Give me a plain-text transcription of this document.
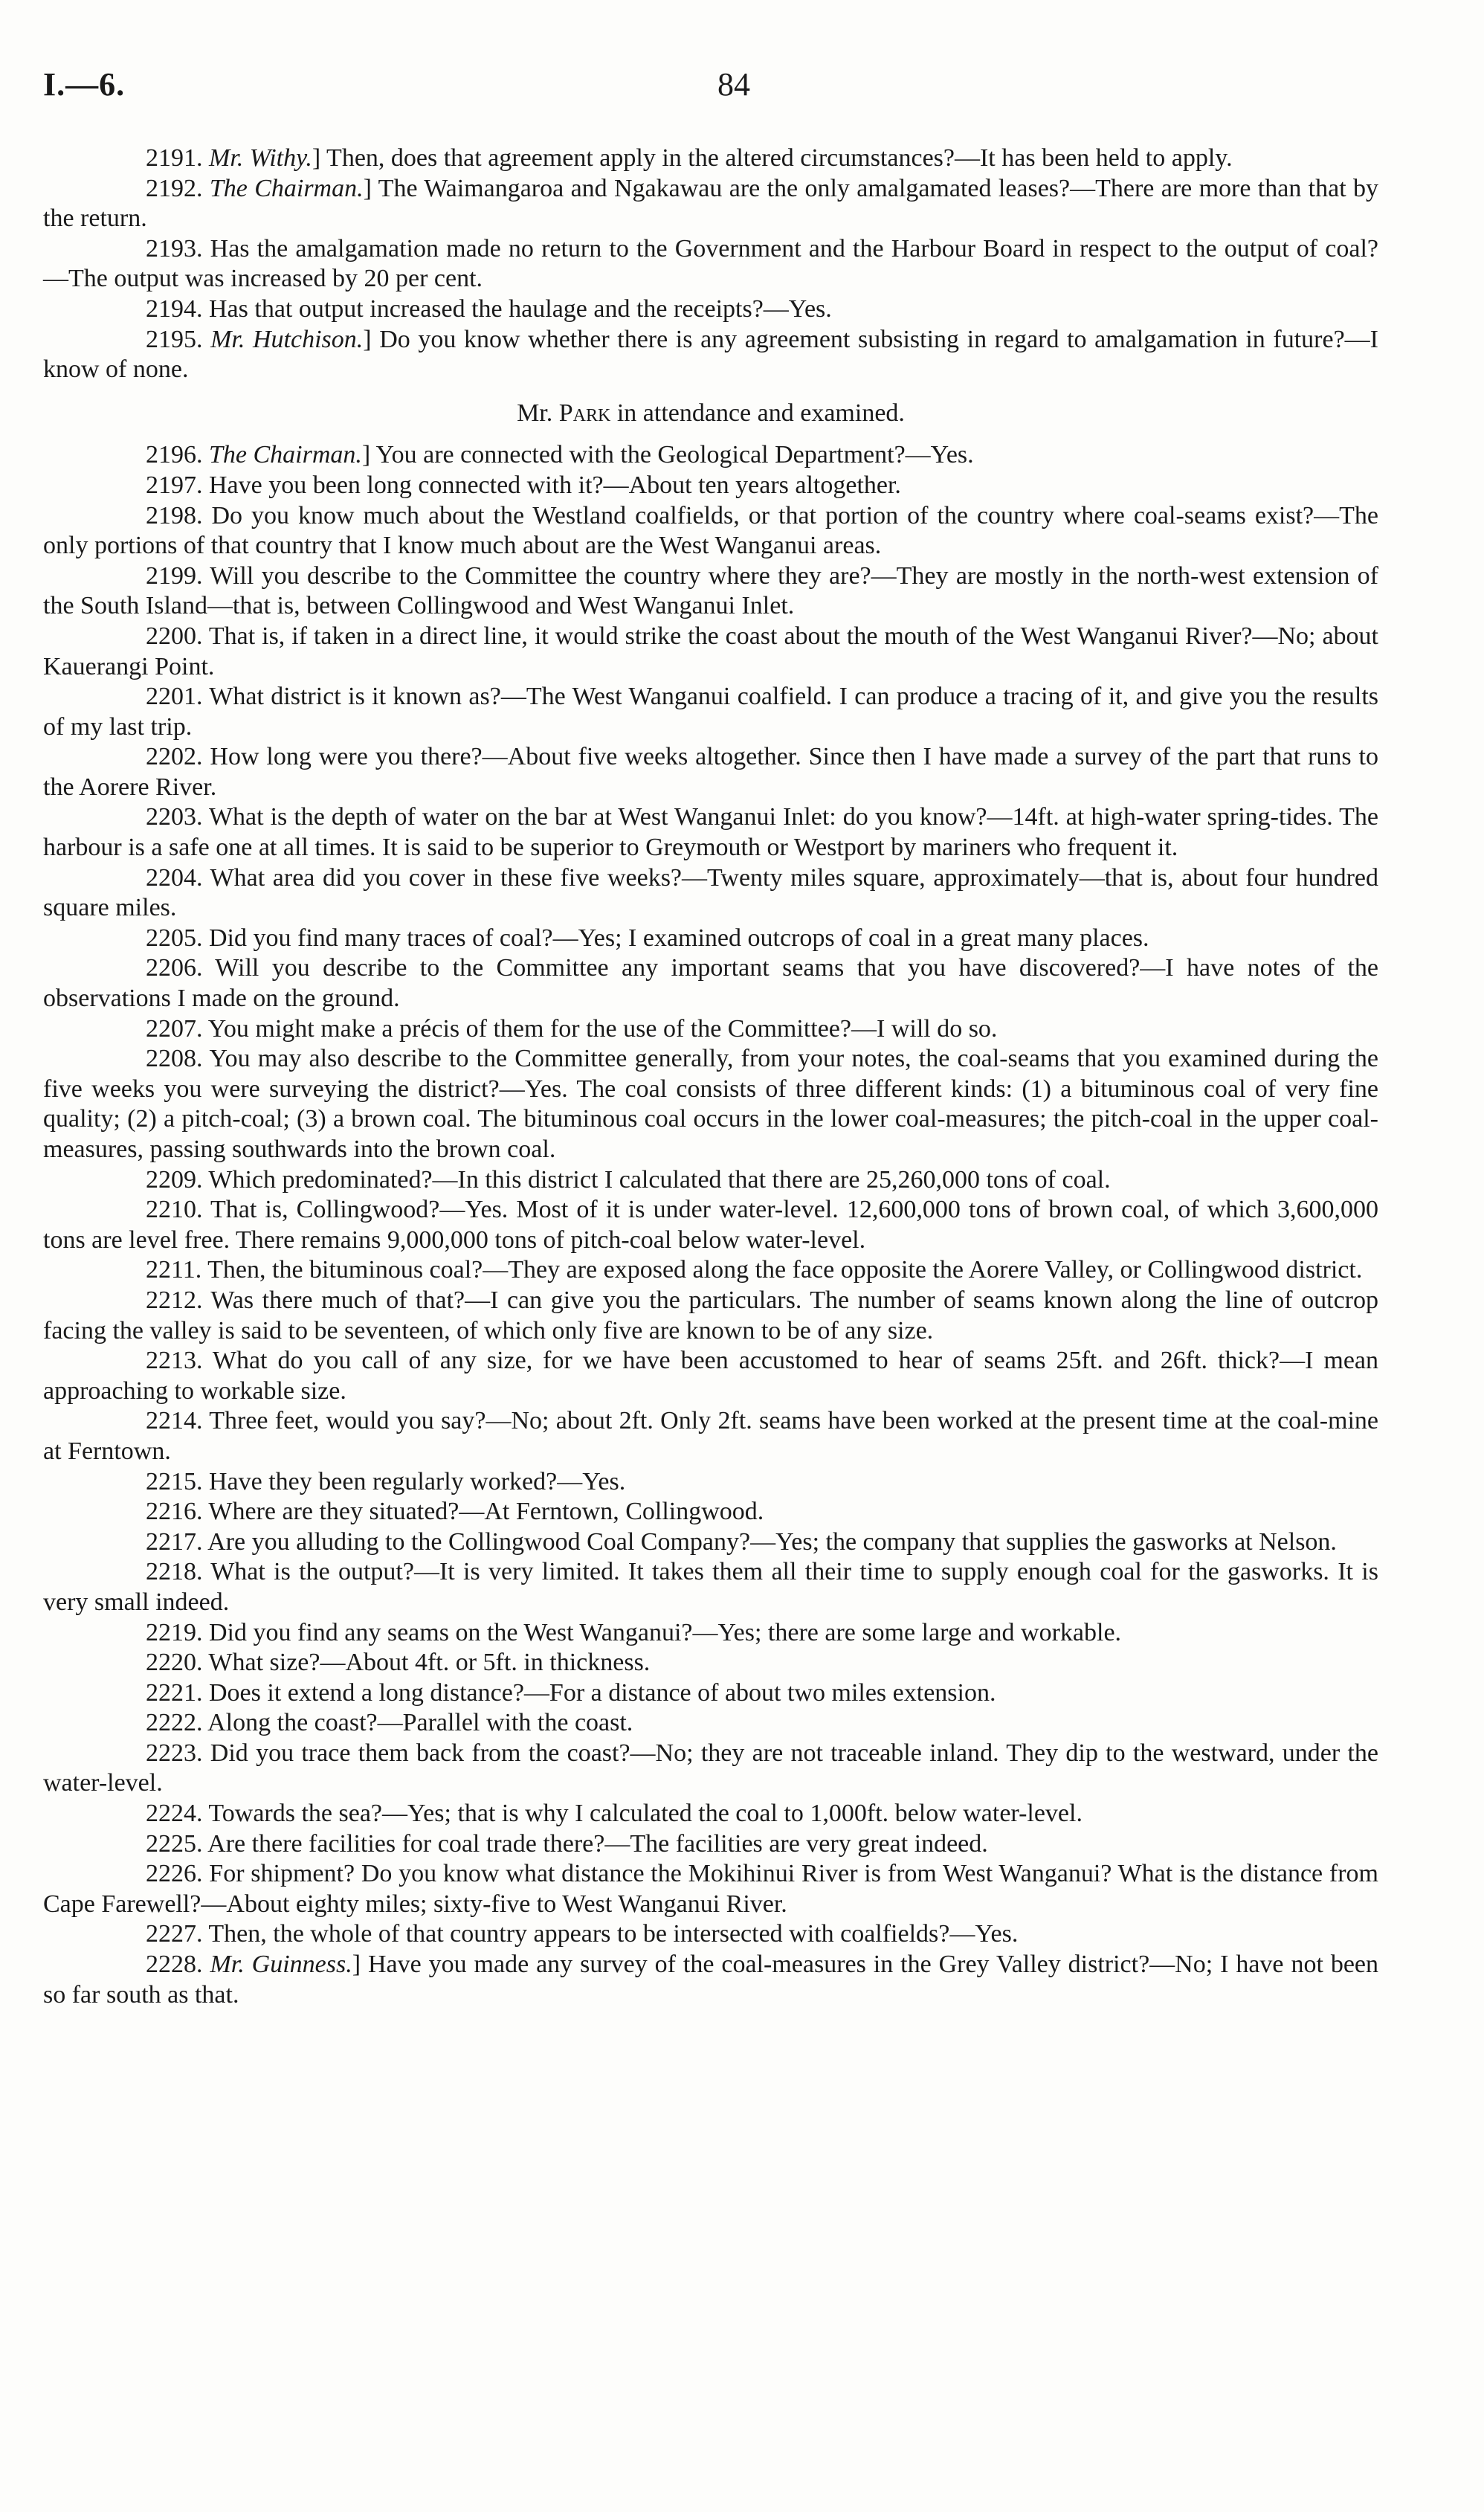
I.—6.	84

2191. Mr. Withy.] Then, does that agreement apply in the altered circumstances?—It has been held to apply.

2192. The Chairman.] The Waimangaroa and Ngakawau are the only amalgamated leases?—There are more than that by the return.

2193. Has the amalgamation made no return to the Government and the Harbour Board in respect to the output of coal?—The output was increased by 20 per cent.

2194. Has that output increased the haulage and the receipts?—Yes.

2195. Mr. Hutchison.] Do you know whether there is any agreement subsisting in regard to amalgamation in future?—I know of none.

Mr. Park in attendance and examined.

2196. The Chairman.] You are connected with the Geological Department?—Yes.

2197. Have you been long connected with it?—About ten years altogether.

2198. Do you know much about the Westland coalfields, or that portion of the country where coal-seams exist?—The only portions of that country that I know much about are the West Wanganui areas.

2199. Will you describe to the Committee the country where they are?—They are mostly in the north-west extension of the South Island—that is, between Collingwood and West Wanganui Inlet.

2200. That is, if taken in a direct line, it would strike the coast about the mouth of the West Wanganui River?—No; about Kauerangi Point.

2201. What district is it known as?—The West Wanganui coalfield. I can produce a tracing of it, and give you the results of my last trip.

2202. How long were you there?—About five weeks altogether. Since then I have made a survey of the part that runs to the Aorere River.

2203. What is the depth of water on the bar at West Wanganui Inlet: do you know?—14ft. at high-water spring-tides. The harbour is a safe one at all times. It is said to be superior to Greymouth or Westport by mariners who frequent it.

2204. What area did you cover in these five weeks?—Twenty miles square, approximately—that is, about four hundred square miles.

2205. Did you find many traces of coal?—Yes; I examined outcrops of coal in a great many places.

2206. Will you describe to the Committee any important seams that you have discovered?—I have notes of the observations I made on the ground.

2207. You might make a précis of them for the use of the Committee?—I will do so.

2208. You may also describe to the Committee generally, from your notes, the coal-seams that you examined during the five weeks you were surveying the district?—Yes. The coal consists of three different kinds: (1) a bituminous coal of very fine quality; (2) a pitch-coal; (3) a brown coal. The bituminous coal occurs in the lower coal-measures; the pitch-coal in the upper coal-measures, passing southwards into the brown coal.

2209. Which predominated?—In this district I calculated that there are 25,260,000 tons of coal.

2210. That is, Collingwood?—Yes. Most of it is under water-level. 12,600,000 tons of brown coal, of which 3,600,000 tons are level free. There remains 9,000,000 tons of pitch-coal below water-level.

2211. Then, the bituminous coal?—They are exposed along the face opposite the Aorere Valley, or Collingwood district.

2212. Was there much of that?—I can give you the particulars. The number of seams known along the line of outcrop facing the valley is said to be seventeen, of which only five are known to be of any size.

2213. What do you call of any size, for we have been accustomed to hear of seams 25ft. and 26ft. thick?—I mean approaching to workable size.

2214. Three feet, would you say?—No; about 2ft. Only 2ft. seams have been worked at the present time at the coal-mine at Ferntown.

2215. Have they been regularly worked?—Yes.

2216. Where are they situated?—At Ferntown, Collingwood.

2217. Are you alluding to the Collingwood Coal Company?—Yes; the company that supplies the gasworks at Nelson.

2218. What is the output?—It is very limited. It takes them all their time to supply enough coal for the gasworks. It is very small indeed.

2219. Did you find any seams on the West Wanganui?—Yes; there are some large and workable.

2220. What size?—About 4ft. or 5ft. in thickness.

2221. Does it extend a long distance?—For a distance of about two miles extension.

2222. Along the coast?—Parallel with the coast.

2223. Did you trace them back from the coast?—No; they are not traceable inland. They dip to the westward, under the water-level.

2224. Towards the sea?—Yes; that is why I calculated the coal to 1,000ft. below water-level.

2225. Are there facilities for coal trade there?—The facilities are very great indeed.

2226. For shipment? Do you know what distance the Mokihinui River is from West Wanganui? What is the distance from Cape Farewell?—About eighty miles; sixty-five to West Wanganui River.

2227. Then, the whole of that country appears to be intersected with coalfields?—Yes.

2228. Mr. Guinness.] Have you made any survey of the coal-measures in the Grey Valley district?—No; I have not been so far south as that.
